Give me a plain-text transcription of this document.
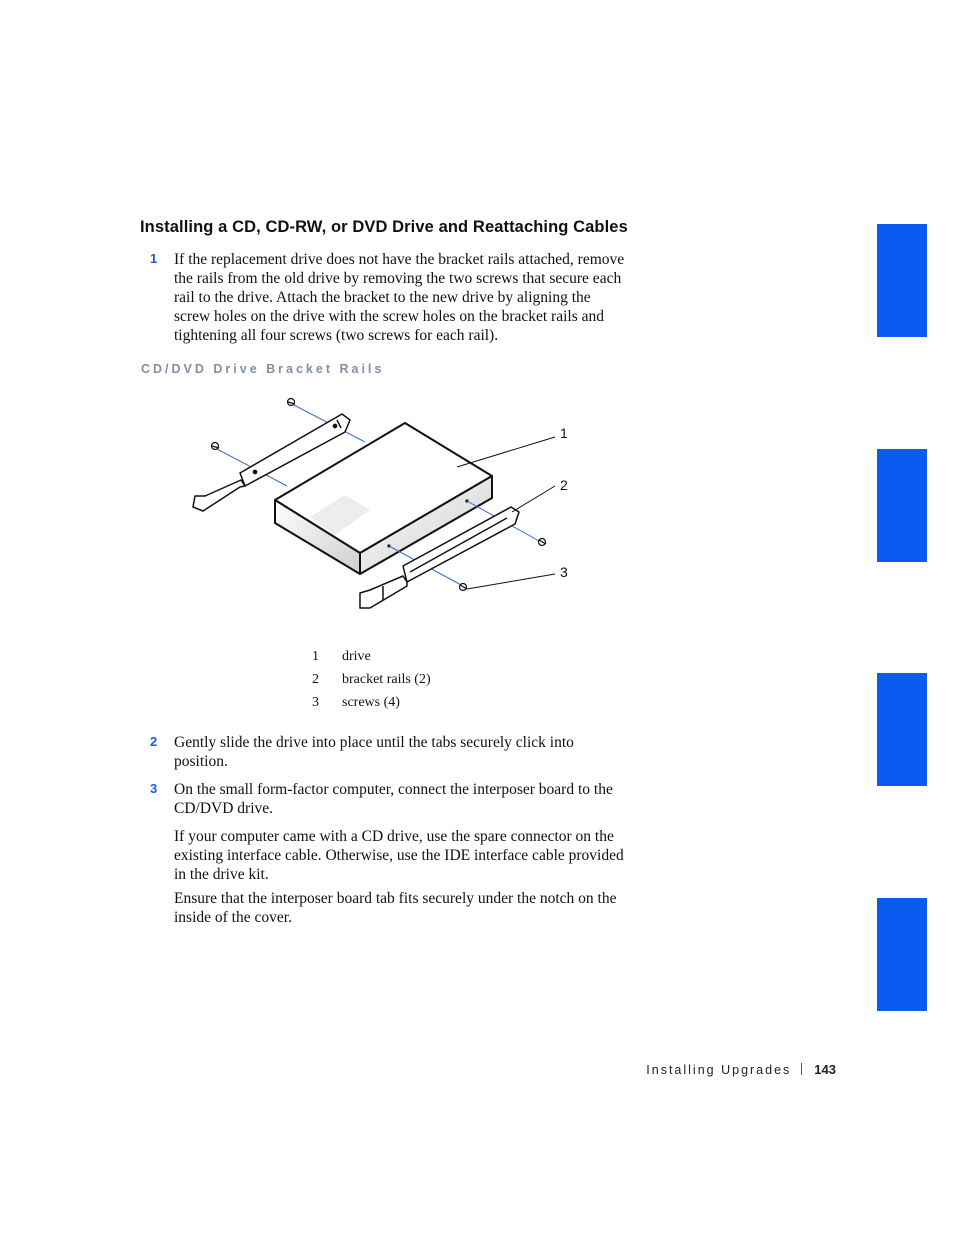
Installing a CD, CD-RW, or DVD Drive and Reattaching Cables
1 If the replacement drive does not have the bracket rails attached, remove the rails from the old drive by removing the two screws that secure each rail to the drive. Attach the bracket to the new drive by aligning the screw holes on the drive with the screw holes on the bracket rails and tightening all four screws (two screws for each rail).
CD/DVD Drive Bracket Rails
1
2
3
1	drive
2	bracket rails (2)
3	screws (4)
2 Gently slide the drive into place until the tabs securely click into position.
3 On the small form-factor computer, connect the interposer board to the CD/DVD drive.
If your computer came with a CD drive, use the spare connector on the existing interface cable. Otherwise, use the IDE interface cable provided in the drive kit.
Ensure that the interposer board tab fits securely under the notch on the inside of the cover.
Installing Upgrades 143
